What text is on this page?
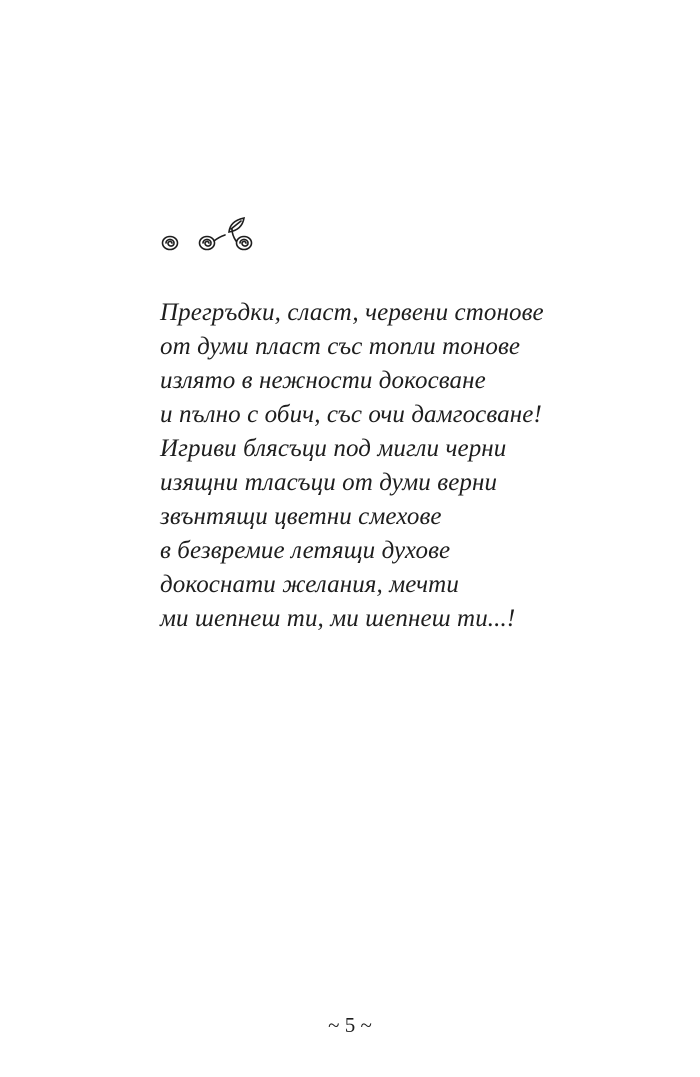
Прегръдки, сласт, червени стонове
от думи пласт със топли тонове
излято в нежности докосване
и пълно с обич, със очи дамгосване!
Игриви блясъци под мигли черни
изящни тласъци от думи верни
звънтящи цветни смехове
в безвремие летящи духове
докоснати желания, мечти
ми шепнеш ти, ми шепнеш ти...!
~ 5 ~
